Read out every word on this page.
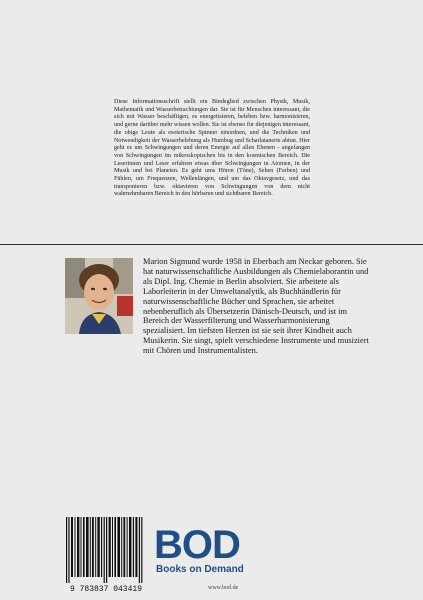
Diese Informationsschrift stellt ein Bindeglied zwischen Physik, Musik, Mathematik und Wasserbetrachtungen dar. Sie ist für Menschen interessant, die sich mit Wasser beschäftigen, es energetisieren, beleben bzw. harmonisieren, und gerne darüber mehr wissen wollen. Sie ist ebenso für diejenigen interessant, die obige Leute als esoterische Spinner einordnen, und die Techniken und Notwendigkeit der Wasserbelebung als Humbug und Scharlatanerie abtun. Hier geht es um Schwingungen und deren Energie auf allen Ebenen - angefangen von Schwingungen im mikroskopischen bis in den kosmischen Bereich. Die Leserinnen und Leser erfahren etwas über Schwingungen in Atomen, in der Musik und bei Planeten. Es geht ums Hören (Töne), Sehen (Farben) und Fühlen, um Frequenzen, Wellenlängen, und um das Oktavgesetz, und das transponieren bzw. oktavieren von Schwingungen von dem nicht wahrnehmbaren Bereich in den hörbaren und sichtbaren Bereich.
Marion Sigmund wurde 1958 in Eberbach am Neckar geboren. Sie hat naturwissenschaftliche Ausbildungen als Chemielaborantin und als Dipl. Ing. Chemie in Berlin absolviert. Sie arbeitete als Laborleiterin in der Umweltanalytik, als Buchhändlerin für naturwissenschaftliche Bücher und Sprachen, sie arbeitet nebenberuflich als Übersetzerin Dänisch-Deutsch, und ist im Bereich der Wasserfilterung und Wasserharmonisierung spezialisiert. Im tiefsten Herzen ist sie seit ihrer Kindheit auch Musikerin. Sie singt, spielt verschiedene Instrumente und musiziert mit Chören und Instrumentalisten.
9 783837 043419
BOD
Books on Demand
www.bod.de
